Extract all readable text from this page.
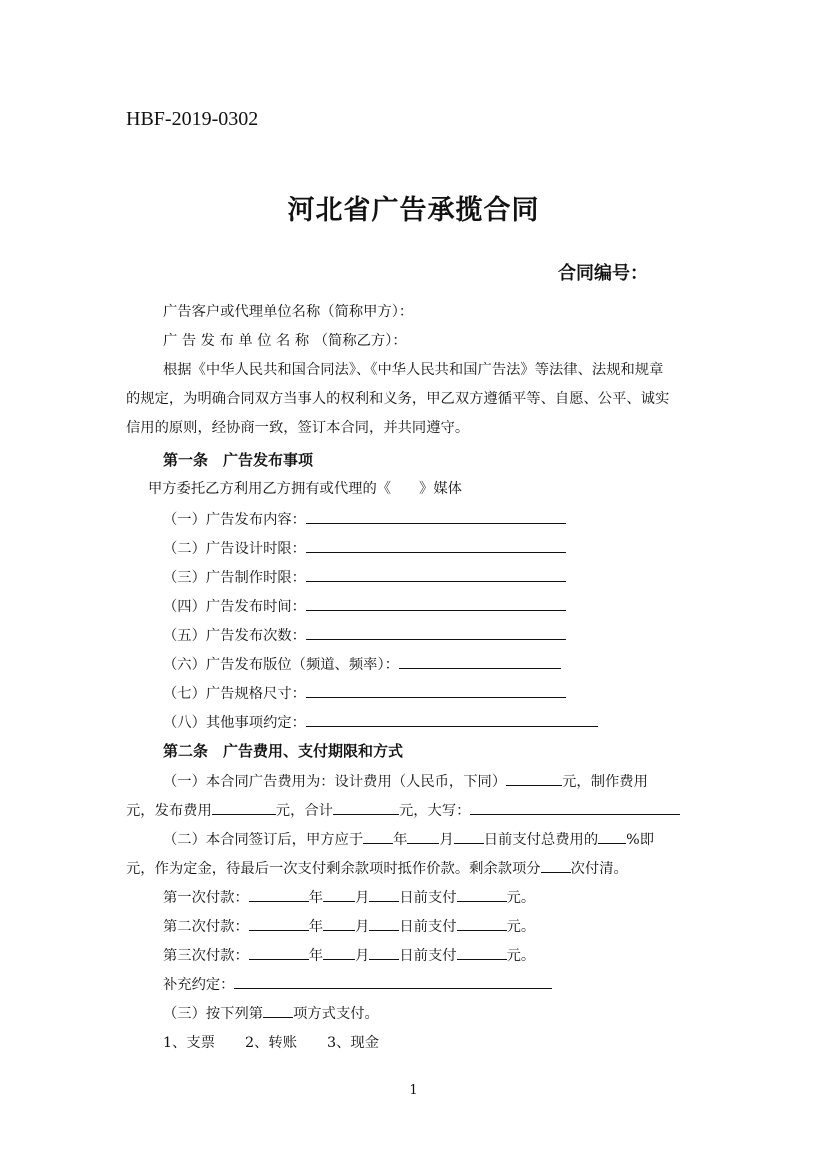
HBF-2019-0302
河北省广告承揽合同
合同编号：
广告客户或代理单位名称（简称甲方）：
广 告 发 布 单 位 名 称 （简称乙方）：
根据《中华人民共和国合同法》、《中华人民共和国广告法》等法律、法规和规章
的规定，为明确合同双方当事人的权利和义务，甲乙双方遵循平等、自愿、公平、诚实
信用的原则，经协商一致，签订本合同，并共同遵守。
第一条　广告发布事项
甲方委托乙方利用乙方拥有或代理的《 》媒体
（一）广告发布内容：
（二）广告设计时限：
（三）广告制作时限：
（四）广告发布时间：
（五）广告发布次数：
（六）广告发布版位（频道、频率）：
（七）广告规格尺寸：
（八）其他事项约定：
第二条　广告费用、支付期限和方式
（一）本合同广告费用为：设计费用（人民币，下同）	元，制作费用
元，发布费用	元，合计	元，大写：
（二）本合同签订后，甲方应于 年 月 日前支付总费用的 %即
元，作为定金，待最后一次支付剩余款项时抵作价款。剩余款项分 次付清。
第一次付款：	年 月 日前支付	元。
第二次付款：	年 月 日前支付	元。
第三次付款：	年 月 日前支付	元。
补充约定：
（三）按下列第 项方式支付。
1、支票 2、转账 3、现金
1
